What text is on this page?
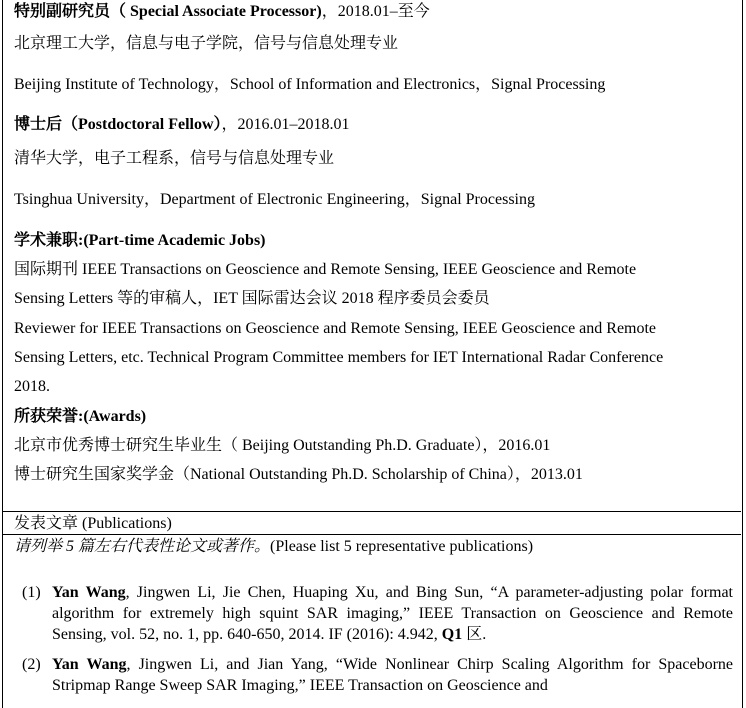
特别副研究员（ Special Associate Processor)，2018.01–至今
北京理工大学，信息与电子学院，信号与信息处理专业
Beijing Institute of Technology，School of Information and Electronics，Signal Processing
博士后（Postdoctoral Fellow），2016.01–2018.01
清华大学，电子工程系，信号与信息处理专业
Tsinghua University，Department of Electronic Engineering，Signal Processing
学术兼职:(Part-time Academic Jobs)
国际期刊 IEEE Transactions on Geoscience and Remote Sensing, IEEE Geoscience and Remote
Sensing Letters 等的审稿人，IET 国际雷达会议 2018 程序委员会委员
Reviewer for IEEE Transactions on Geoscience and Remote Sensing, IEEE Geoscience and Remote
Sensing Letters, etc. Technical Program Committee members for IET International Radar Conference
2018.
所获荣誉:(Awards)
北京市优秀博士研究生毕业生（ Beijing Outstanding Ph.D. Graduate），2016.01
博士研究生国家奖学金（National Outstanding Ph.D. Scholarship of China），2013.01
发表文章 (Publications)
请列举 5 篇左右代表性论文或著作。(Please list 5 representative publications)
(1) Yan Wang, Jingwen Li, Jie Chen, Huaping Xu, and Bing Sun, “A parameter-adjusting polar format algorithm for extremely high squint SAR imaging,” IEEE Transaction on Geoscience and Remote Sensing, vol. 52, no. 1, pp. 640-650, 2014. IF (2016): 4.942, Q1 区.
(2) Yan Wang, Jingwen Li, and Jian Yang, “Wide Nonlinear Chirp Scaling Algorithm for Spaceborne Stripmap Range Sweep SAR Imaging,” IEEE Transaction on Geoscience and
